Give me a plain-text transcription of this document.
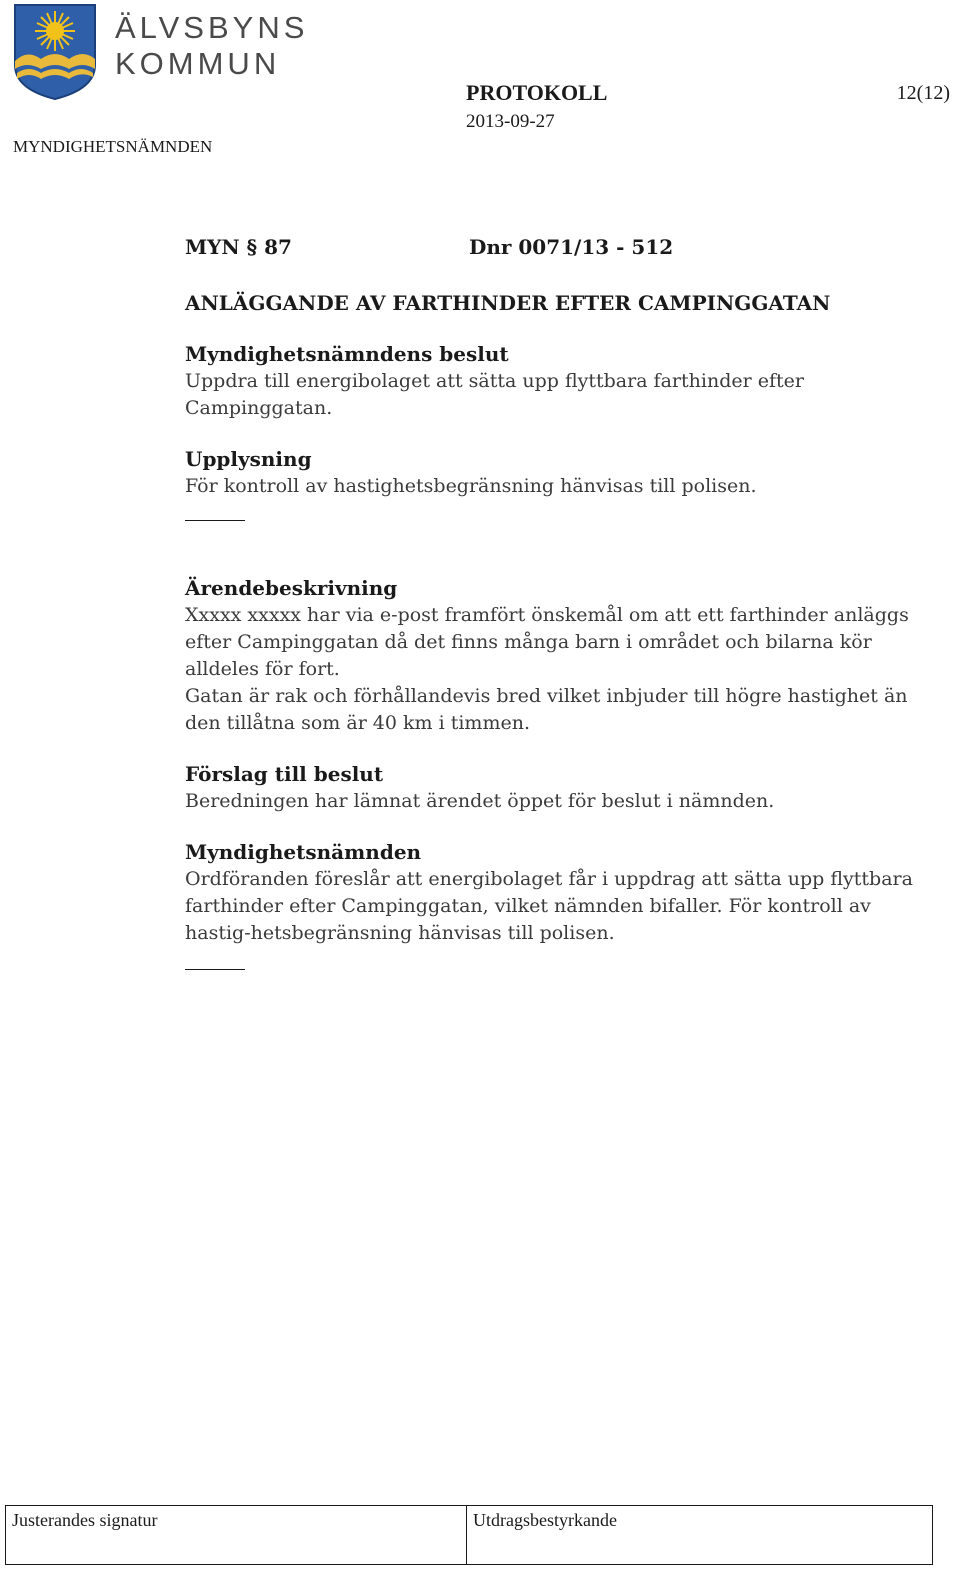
ÄLVSBYNS
KOMMUN
MYNDIGHETSNÄMNDEN
PROTOKOLL
2013-09-27
12(12)
MYN § 87	Dnr 0071/13 - 512
ANLÄGGANDE AV FARTHINDER EFTER CAMPINGGATAN
Myndighetsnämndens beslut

Uppdra till energibolaget att sätta upp flyttbara farthinder efter Campinggatan.

Upplysning

För kontroll av hastighetsbegränsning hänvisas till polisen.

Ärendebeskrivning

Xxxxx xxxxx har via e-post framfört önskemål om att ett farthinder anläggs efter Campinggatan då det finns många barn i området och bilarna kör alldeles för fort.

Gatan är rak och förhållandevis bred vilket inbjuder till högre hastighet än den tillåtna som är 40 km i timmen.

Förslag till beslut

Beredningen har lämnat ärendet öppet för beslut i nämnden.

Myndighetsnämnden

Ordföranden föreslår att energibolaget får i uppdrag att sätta upp flyttbara farthinder efter Campinggatan, vilket nämnden bifaller. För kontroll av hastig-hetsbegränsning hänvisas till polisen.

Justerandes signatur	Utdragsbestyrkande
